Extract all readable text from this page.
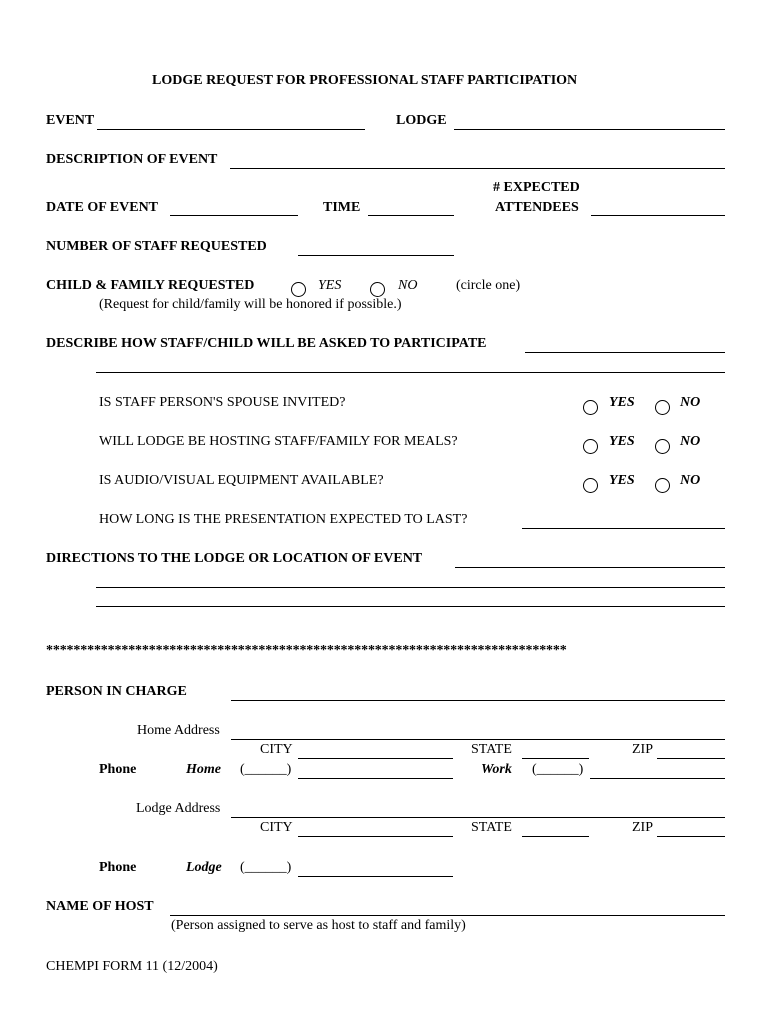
LODGE REQUEST FOR PROFESSIONAL STAFF PARTICIPATION
EVENT	LODGE
DESCRIPTION OF EVENT
# EXPECTED
DATE OF EVENT	TIME	ATTENDEES
NUMBER OF STAFF REQUESTED
CHILD & FAMILY REQUESTED	YES	NO	(circle one)
(Request for child/family will be honored if possible.)
DESCRIBE HOW STAFF/CHILD WILL BE ASKED TO PARTICIPATE
IS STAFF PERSON'S SPOUSE INVITED?	YES	NO
WILL LODGE BE HOSTING STAFF/FAMILY FOR MEALS?	YES	NO
IS AUDIO/VISUAL EQUIPMENT AVAILABLE?	YES	NO
HOW LONG IS THE PRESENTATION EXPECTED TO LAST?
DIRECTIONS TO THE LODGE OR LOCATION OF EVENT
****************************************************************************
PERSON IN CHARGE
Home Address
CITY	STATE	ZIP
Phone	Home (______)	Work (______)
Lodge Address
CITY	STATE	ZIP
Phone	Lodge (______)
NAME OF HOST
(Person assigned to serve as host to staff and family)
CHEMPI FORM 11 (12/2004)
